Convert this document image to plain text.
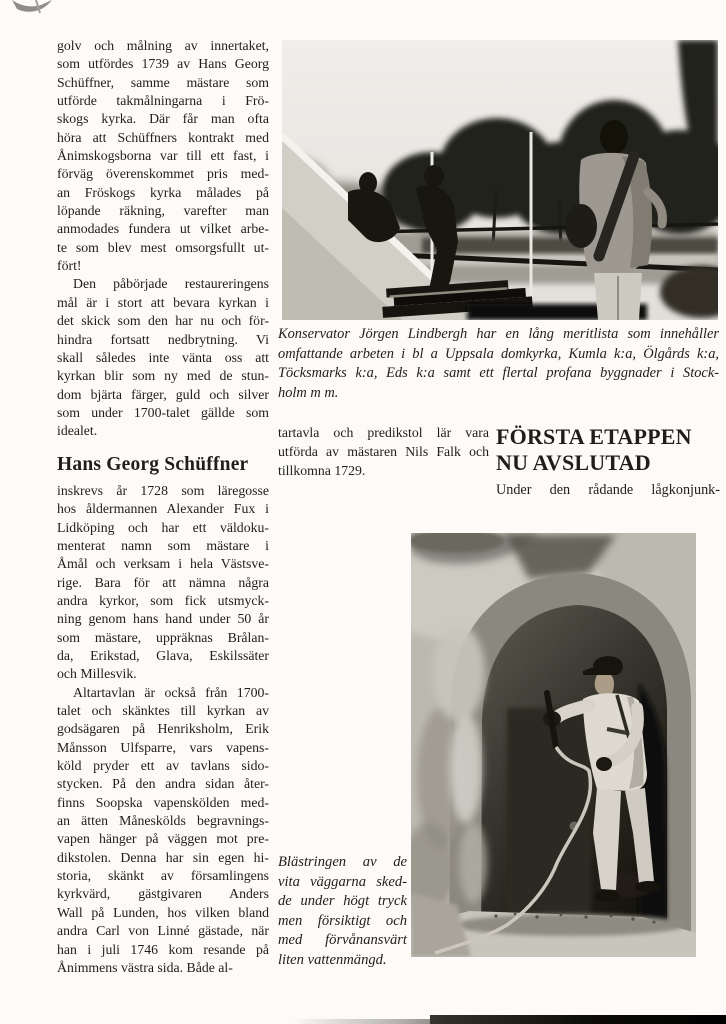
golv och målning av innertaket,
som utfördes 1739 av Hans Georg
Schüffner, samme mästare som
utförde takmålningarna i Frö-
skogs kyrka. Där får man ofta
höra att Schüffners kontrakt med
Ånimskogsborna var till ett fast, i
förväg överenskommet pris med-
an Fröskogs kyrka målades på
löpande räkning, varefter man
anmodades fundera ut vilket arbe-
te som blev mest omsorgsfullt ut-
fört!
Den påbörjade restaureringens
mål är i stort att bevara kyrkan i
det skick som den har nu och för-
hindra fortsatt nedbrytning. Vi
skall således inte vänta oss att
kyrkan blir som ny med de stun-
dom bjärta färger, guld och silver
som under 1700-talet gällde som
idealet.
Hans Georg Schüffner
inskrevs år 1728 som läregosse
hos åldermannen Alexander Fux i
Lidköping och har ett väldoku-
menterat namn som mästare i
Åmål och verksam i hela Västsve-
rige. Bara för att nämna några
andra kyrkor, som fick utsmyck-
ning genom hans hand under 50 år
som mästare, uppräknas Brålan-
da, Erikstad, Glava, Eskilssäter
och Millesvik.
Altartavlan är också från 1700-
talet och skänktes till kyrkan av
godsägaren på Henriksholm, Erik
Månsson Ulfsparre, vars vapens-
köld pryder ett av tavlans sido-
stycken. På den andra sidan åter-
finns Soopska vapenskölden med-
an ätten Måneskölds begravnings-
vapen hänger på väggen mot pre-
dikstolen. Denna har sin egen hi-
storia, skänkt av församlingens
kyrkvärd, gästgivaren Anders
Wall på Lunden, hos vilken bland
andra Carl von Linné gästade, när
han i juli 1746 kom resande på
Ånimmens västra sida. Både al-
Konservator Jörgen Lindbergh har en lång meritlista som innehåller
omfattande arbeten i bl a Uppsala domkyrka, Kumla k:a, Ölgårds k:a,
Töcksmarks k:a, Eds k:a samt ett flertal profana byggnader i Stock-
holm m m.
tartavla och predikstol lär vara
utförda av mästaren Nils Falk och
tillkomna 1729.
FÖRSTA ETAPPEN
NU AVSLUTAD
Under den rådande lågkonjunk-
Blästringen av de
vita väggarna sked-
de under högt tryck
men försiktigt och
med förvånansvärt
liten vattenmängd.
